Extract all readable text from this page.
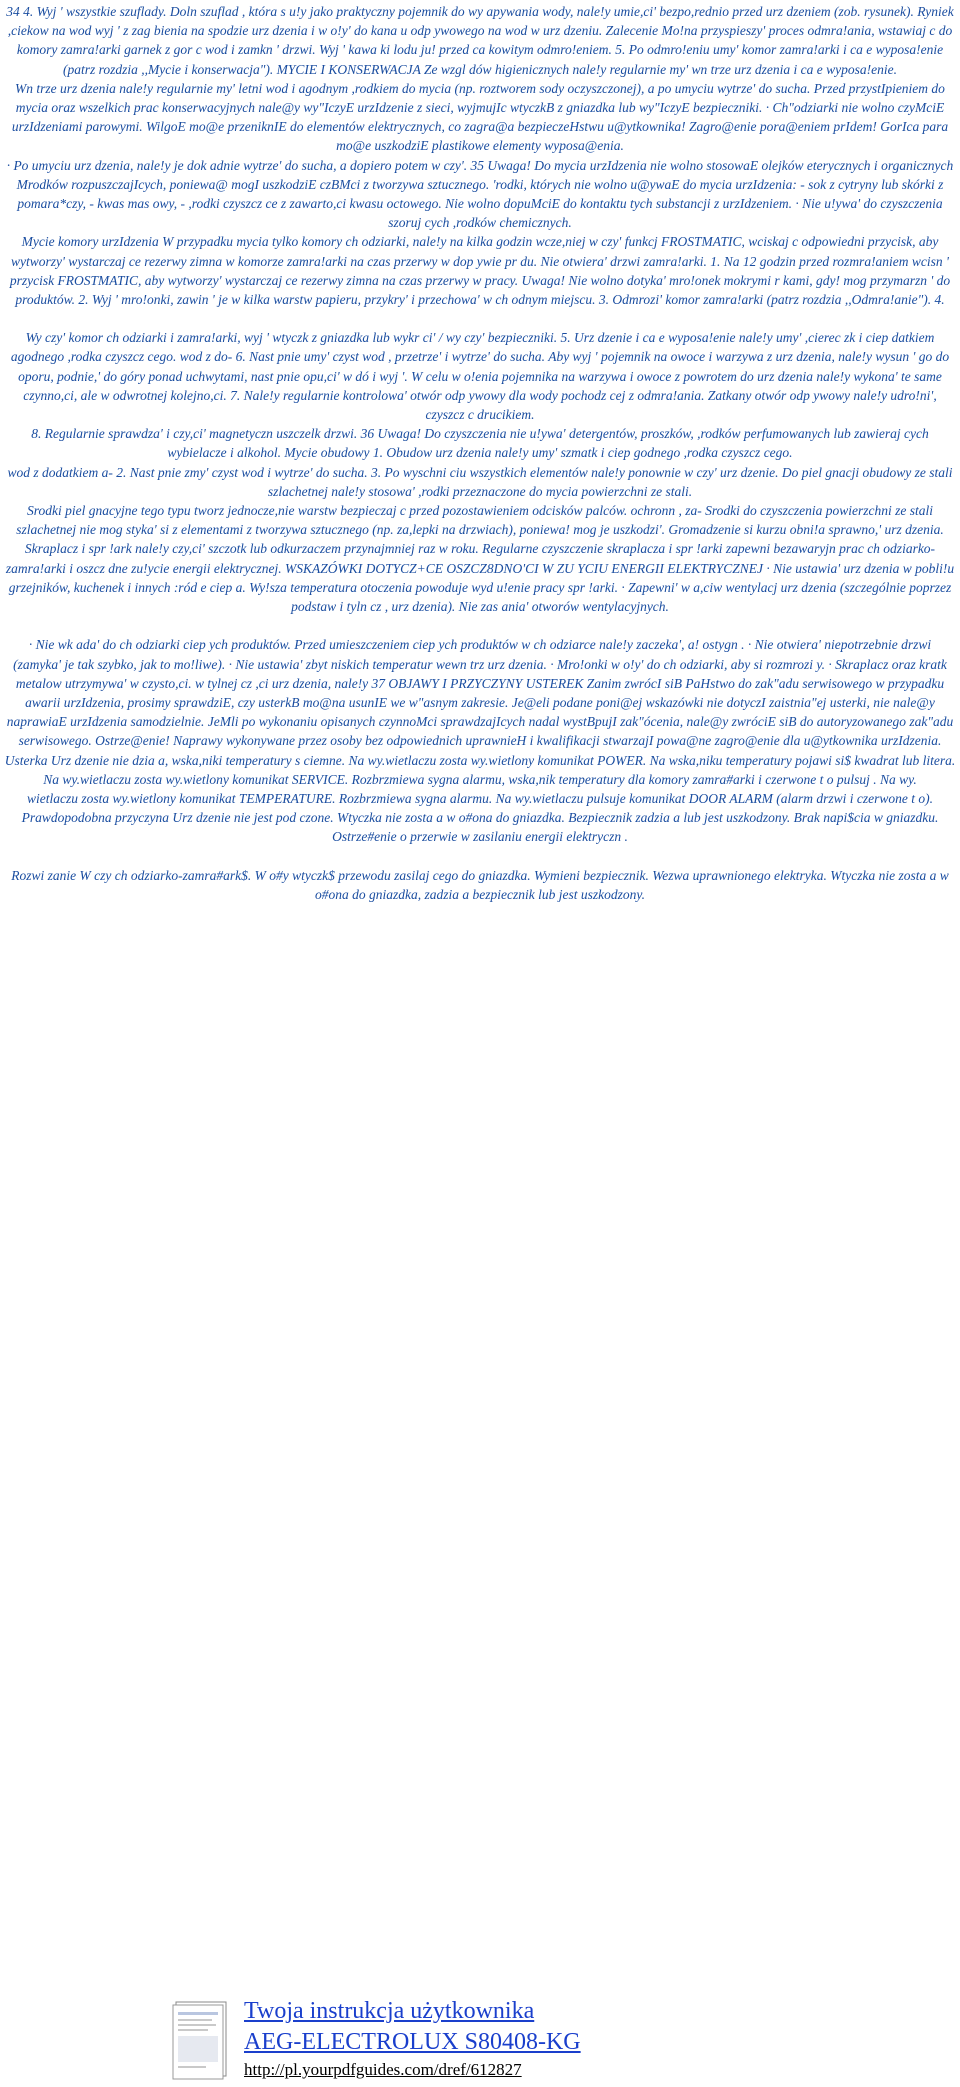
34 4. Wyj ' wszystkie szuflady. Doln szuflad , która s u!y jako praktyczny pojemnik do wy apywania wody, nale!y umie,ci' bezpo,rednio przed urz dzeniem (zob. rysunek). Ryniek ,ciekow na wod wyj ' z zag bienia na spodzie urz dzenia i w o!y' do kana u odp ywowego na wod w urz dzeniu. Zalecenie Mo!na przyspieszy' proces odmra!ania, wstawiaj c do komory zamra!arki garnek z gor c wod i zamkn ' drzwi. Wyj ' kawa ki lodu ju! przed ca kowitym odmro!eniem. 5. Po odmro!eniu umy' komor zamra!arki i ca e wyposa!enie (patrz rozdzia ,,Mycie i konserwacja"). MYCIE I KONSERWACJA Ze wzgl dów higienicznych nale!y regularnie my' wn trze urz dzenia i ca e wyposa!enie.

Wn trze urz dzenia nale!y regularnie my' letni wod i agodnym ,rodkiem do mycia (np. roztworem sody oczyszczonej), a po umyciu wytrze' do sucha. Przed przystIpieniem do mycia oraz wszelkich prac konserwacyjnych nale@y wy"IczyE urzIdzenie z sieci, wyjmujIc wtyczkB z gniazdka lub wy"IczyE bezpieczniki. · Ch"odziarki nie wolno czyMciE urzIdzeniami parowymi. WilgoE mo@e przeniknIE do elementów elektrycznych, co zagra@a bezpieczeHstwu u@ytkownika! Zagro@enie pora@eniem prIdem! GorIca para mo@e uszkodziE plastikowe elementy wyposa@enia.

· Po umyciu urz dzenia, nale!y je dok adnie wytrze' do sucha, a dopiero potem w czy'. 35 Uwaga! Do mycia urzIdzenia nie wolno stosowaE olejków eterycznych i organicznych Mrodków rozpuszczajIcych, poniewa@ mogI uszkodziE czBMci z tworzywa sztucznego. 'rodki, których nie wolno u@ywaE do mycia urzIdzenia: - sok z cytryny lub skórki z pomara*czy, - kwas mas owy, - ,rodki czyszcz ce z zawarto,ci kwasu octowego. Nie wolno dopuMciE do kontaktu tych substancji z urzIdzeniem. · Nie u!ywa' do czyszczenia szoruj cych ,rodków chemicznych.

Mycie komory urzIdzenia W przypadku mycia tylko komory ch odziarki, nale!y na kilka godzin wcze,niej w czy' funkcj FROSTMATIC, wciskaj c odpowiedni przycisk, aby wytworzy' wystarczaj ce rezerwy zimna w komorze zamra!arki na czas przerwy w dop ywie pr du. Nie otwiera' drzwi zamra!arki. 1. Na 12 godzin przed rozmra!aniem wcisn ' przycisk FROSTMATIC, aby wytworzy' wystarczaj ce rezerwy zimna na czas przerwy w pracy. Uwaga! Nie wolno dotyka' mro!onek mokrymi r kami, gdy! mog przymarzn ' do produktów. 2. Wyj ' mro!onki, zawin ' je w kilka warstw papieru, przykry' i przechowa' w ch odnym miejscu. 3. Odmrozi' komor zamra!arki (patrz rozdzia ,,Odmra!anie"). 4.

Wy czy' komor ch odziarki i zamra!arki, wyj ' wtyczk z gniazdka lub wykr ci' / wy czy' bezpieczniki. 5. Urz dzenie i ca e wyposa!enie nale!y umy' ,cierec zk i ciep datkiem agodnego ,rodka czyszcz cego. wod z do- 6. Nast pnie umy' czyst wod , przetrze' i wytrze' do sucha. Aby wyj ' pojemnik na owoce i warzywa z urz dzenia, nale!y wysun ' go do oporu, podnie,' do góry ponad uchwytami, nast pnie opu,ci' w dó i wyj '. W celu w o!enia pojemnika na warzywa i owoce z powrotem do urz dzenia nale!y wykona' te same czynno,ci, ale w odwrotnej kolejno,ci. 7. Nale!y regularnie kontrolowa' otwór odp ywowy dla wody pochodz cej z odmra!ania. Zatkany otwór odp ywowy nale!y udro!ni', czyszcz c drucikiem.

8. Regularnie sprawdza' i czy,ci' magnetyczn uszczelk drzwi. 36 Uwaga! Do czyszczenia nie u!ywa' detergentów, proszków, ,rodków perfumowanych lub zawieraj cych wybielacze i alkohol. Mycie obudowy 1. Obudow urz dzenia nale!y umy' szmatk i ciep godnego ,rodka czyszcz cego.

wod z dodatkiem a- 2. Nast pnie zmy' czyst wod i wytrze' do sucha. 3. Po wyschni ciu wszystkich elementów nale!y ponownie w czy' urz dzenie. Do piel gnacji obudowy ze stali szlachetnej nale!y stosowa' ,rodki przeznaczone do mycia powierzchni ze stali.

Srodki piel gnacyjne tego typu tworz jednocze,nie warstw bezpieczaj c przed pozostawieniem odcisków palców. ochronn , za- Srodki do czyszczenia powierzchni ze stali szlachetnej nie mog styka' si z elementami z tworzywa sztucznego (np. za,lepki na drzwiach), poniewa! mog je uszkodzi'. Gromadzenie si kurzu obni!a sprawno,' urz dzenia. Skraplacz i spr !ark nale!y czy,ci' szczotk lub odkurzaczem przynajmniej raz w roku. Regularne czyszczenie skraplacza i spr !arki zapewni bezawaryjn prac ch odziarko-zamra!arki i oszcz dne zu!ycie energii elektrycznej. WSKAZÓWKI DOTYCZ+CE OSZCZ8DNO'CI W ZU YCIU ENERGII ELEKTRYCZNEJ · Nie ustawia' urz dzenia w pobli!u grzejników, kuchenek i innych :ród e ciep a. Wy!sza temperatura otoczenia powoduje wyd u!enie pracy spr !arki. · Zapewni' w a,ciw wentylacj urz dzenia (szczególnie poprzez podstaw i tyln cz , urz dzenia). Nie zas ania' otworów wentylacyjnych.

· Nie wk ada' do ch odziarki ciep ych produktów. Przed umieszczeniem ciep ych produktów w ch odziarce nale!y zaczeka', a! ostygn . · Nie otwiera' niepotrzebnie drzwi (zamyka' je tak szybko, jak to mo!liwe). · Nie ustawia' zbyt niskich temperatur wewn trz urz dzenia. · Mro!onki w o!y' do ch odziarki, aby si rozmrozi y. · Skraplacz oraz kratk metalow utrzymywa' w czysto,ci. w tylnej cz ,ci urz dzenia, nale!y 37 OBJAWY I PRZYCZYNY USTEREK Zanim zwrócI siB PaHstwo do zak"adu serwisowego w przypadku awarii urzIdzenia, prosimy sprawdziE, czy usterkB mo@na usunIE we w"asnym zakresie. Je@eli podane poni@ej wskazówki nie dotyczI zaistnia"ej usterki, nie nale@y naprawiaE urzIdzenia samodzielnie. JeMli po wykonaniu opisanych czynnoMci sprawdzajIcych nadal wystBpujI zak"ócenia, nale@y zwróciE siB do autoryzowanego zak"adu serwisowego. Ostrze@enie! Naprawy wykonywane przez osoby bez odpowiednich uprawnieH i kwalifikacji stwarzajI powa@ne zagro@enie dla u@ytkownika urzIdzenia.

Usterka Urz dzenie nie dzia a, wska,niki temperatury s ciemne. Na wy.wietlaczu zosta wy.wietlony komunikat POWER. Na wska,niku temperatury pojawi si$ kwadrat lub litera.

Na wy.wietlaczu zosta wy.wietlony komunikat SERVICE. Rozbrzmiewa sygna alarmu, wska,nik temperatury dla komory zamra#arki i czerwone t o pulsuj . Na wy.

wietlaczu zosta wy.wietlony komunikat TEMPERATURE. Rozbrzmiewa sygna alarmu. Na wy.wietlaczu pulsuje komunikat DOOR ALARM (alarm drzwi i czerwone t o). Prawdopodobna przyczyna Urz dzenie nie jest pod czone. Wtyczka nie zosta a w o#ona do gniazdka. Bezpiecznik zadzia a lub jest uszkodzony. Brak napi$cia w gniazdku. Ostrze#enie o przerwie w zasilaniu energii elektryczn .

Rozwi zanie W czy ch odziarko-zamra#ark$. W o#y wtyczk$ przewodu zasilaj cego do gniazdka. Wymieni bezpiecznik. Wezwa uprawnionego elektryka. Wtyczka nie zosta a w o#ona do gniazdka, zadzia a bezpiecznik lub jest uszkodzony.

Twoja instrukcja użytkownika
AEG-ELECTROLUX S80408-KG
http://pl.yourpdfguides.com/dref/612827
